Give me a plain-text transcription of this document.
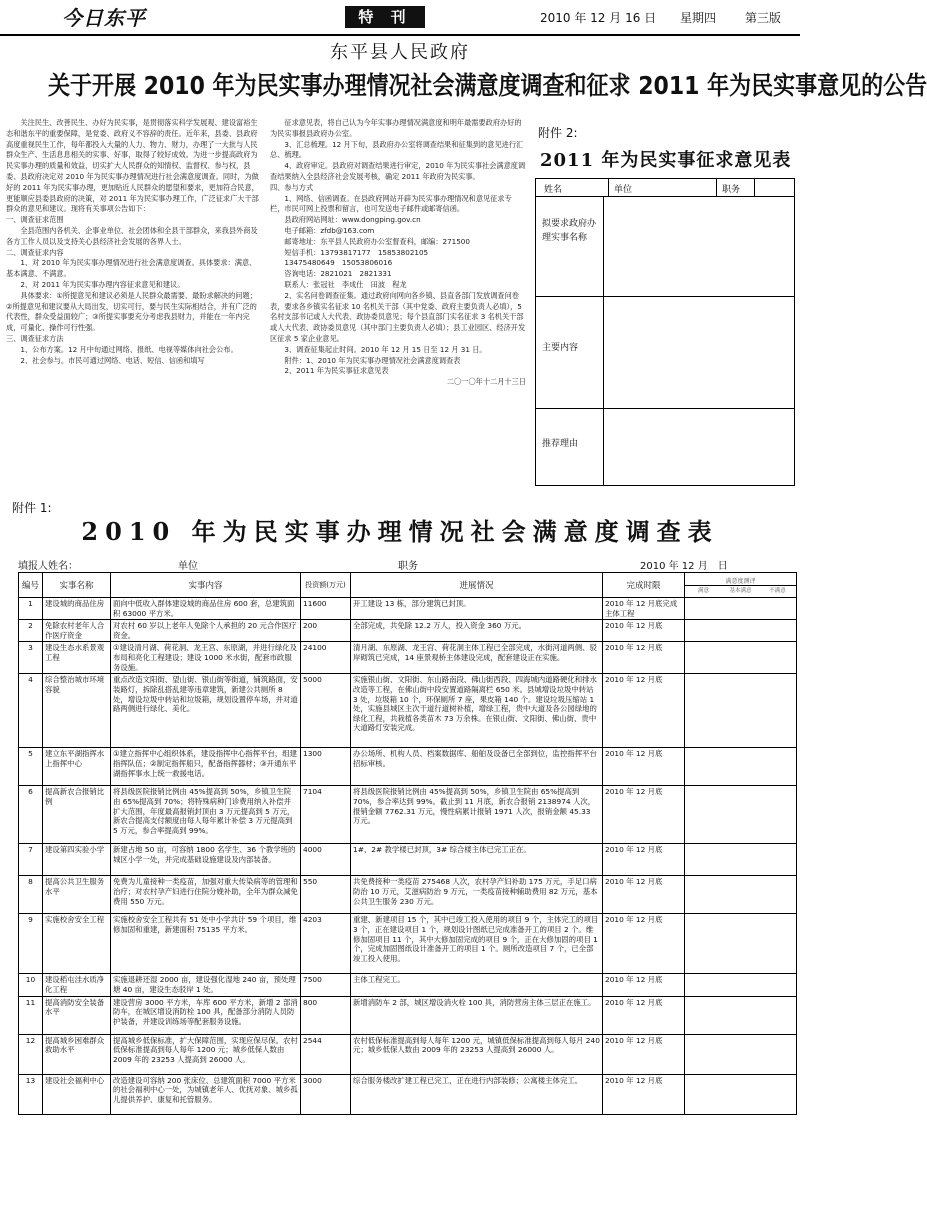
今日东平	特 刊	2010 年 12 月 16 日 星期四 第三版
东平县人民政府
关于开展 2010 年为民实事办理情况社会满意度调查和征求 2011 年为民实事意见的公告

关注民生、改善民生、办好为民实事，是贯彻落实科学发展观、建设富裕生态和谐东平的重要保障，是党委、政府义不容辞的责任。近年来，县委、县政府高度重视民生工作，每年都投入大量的人力、物力、财力，办理了一大批与人民群众生产、生活息息相关的实事、好事，取得了较好成效。为进一步提高政府为民实事办理的质量和效益，切实扩大人民群众的知情权、监督权、参与权，县委、县政府决定对 2010 年为民实事办理情况进行社会满意度调查。同时，为做好的 2011 年为民实事办理，更加贴近人民群众的愿望和要求，更加符合民意，更能顺应县委县政府的决策，对 2011 年为民实事办理工作，广泛征求广大干部群众的意见和建议。现将有关事项公告如下：

一、调查征求范围

全县范围内各机关、企事业单位、社会团体和全县干部群众，来我县外商及各方工作人员以及支持关心县经济社会发展的各界人士。

二、调查征求内容

1、对 2010 年为民实事办理情况进行社会满意度调查。具体要求：满意、基本满意、不满意。

2、对 2011 年为民实事办理内容征求意见和建议。

具体要求：①所提意见和建议必须是人民群众最需要、最盼求解决的问题；②所提意见和建议要从大局出发，切实可行，要与民生实际相结合，并有广泛的代表性，群众受益面较广；③所提实事要充分考虑我县财力，并能在一年内完成，可量化、操作可行性强。

三、调查征求方法

1、公布方案。12 月中旬通过网络、报纸、电视等媒体向社会公布。

2、社会参与。市民可通过网络、电话、短信、信函和填写

征求意见表，将自己认为今年实事办理情况满意度和明年最需要政府办好的为民实事报县政府办公室。

3、汇总梳理。12 月下旬，县政府办公室将调查结果和征集到的意见进行汇总、梳理。

4、政府审定。县政府对调查结果进行审定，2010 年为民实事社会满意度调查结果纳入全县经济社会发展考核，确定 2011 年政府为民实事。

四、参与方式

1、网络、信函调查。在县政府网站开辟为民实事办理情况和意见征求专栏，市民可网上投票和留言，也可发送电子邮件或邮寄信函。

县政府网站网址：www.dongping.gov.cn

电子邮箱：zfdb@163.com

邮寄地址：东平县人民政府办公室督查科，邮编：271500

短信手机：13793817177　15853802105

13475480649　15053806016

咨询电话：2821021　2821331

联系人：张冠社　李成仕　田波　程龙

2、实名问卷调查征集。通过政府向网向各乡镇、县直各部门发放调查问卷表，要求各乡镇实名征求 10 名机关干部（其中党委、政府主要负责人必填），5 名村支部书记或人大代表、政协委员意见；每个县直部门实名征求 3 名机关干部或人大代表、政协委员意见（其中部门主要负责人必填）；县工业园区、经济开发区征求 5 家企业意见。

3、调查征集起止时间。2010 年 12 月 15 日至 12 月 31 日。

附件：1、2010 年为民实事办理情况社会满意度调查表

2、2011 年为民实事征求意见表

二〇一〇年十二月十三日

附件 2:
2011 年为民实事征求意见表
姓名	单位	职务
拟要求政府办理实事名称
主要内容
推荐理由
附件 1:
2010 年为民实事办理情况社会满意度调查表
填报人姓名：	单位	职务	2010 年 12 月　日
编号	实事名称	实事内容	投资额(万元)	进展情况	完成时限	满意度测评
满意 基本满意 不满意

1	建设城的商品住房	面向中低收入群体建设城的商品住房 600 套，总建筑面积 63000 平方米。	11600	开工建设 13 栋，部分建筑已封顶。	2010 年 12 月底完成主体工程	
2	免除农村老年人合作医疗资金	对农村 60 岁以上老年人免除个人承担的 20 元合作医疗资金。	200	全部完成，共免除 12.2 万人，投入资金 360 万元。	2010 年 12 月底	
3	建设生态水系景观工程	①建设清月湖、荷花洞、龙王宫、东原湖，并进行绿化及布局和亮化工程建设；建设 1000 米水街，配套市政服务设施。	24100	清月湖、东原湖、龙王宫、荷花洞主体工程已全部完成，水街河道两侧、驳岸砌筑已完成，14 座景观桥主体建设完成，配套建设正在实施。	2010 年 12 月底	
4	综合整治城市环境容貌	重点改造文阳街、望山街、银山街等街道，铺筑路面，安装路灯，拆除乱搭乱建等违章建筑，新建公共厕所 8 处，增设垃圾中转站和垃圾箱，规划设置停车场，并对道路两侧进行绿化、美化。	5000	实施银山街、文阳街、东山路南段、佛山街西段、四海城内道路硬化和排水改造等工程，在佛山街中段安置道路隔离栏 650 米。县城增设垃圾中转站 3 处，垃圾箱 10 个，环保厕所 7 座，果皮箱 140 个。建设垃圾压缩站 1 处，实施县城区主次干道行道树补植，增绿工程，贵中大道及各公园绿地的绿化工程，共栽植各类苗木 73 万余株。在银山街、文阳街、佛山街、贵中大道路灯安装完成。	2010 年 12 月底	
5	建立东平湖指挥水上指挥中心	①建立指挥中心组织体系，建设指挥中心指挥平台，组建指挥队伍；②制定指挥船只，配备指挥器材；③开通东平湖指挥事水上统一救援电话。	1300	办公场所、机构人员、档案数据库、船舶及设备已全部到位，监控指挥平台招标审核。	2010 年 12 月底	
6	提高新农合报销比例	将县级医院报销比例由 45%提高到 50%，乡镇卫生院由 65%提高到 70%；将特殊病种门诊费用纳入补偿并扩大范围，年度最高报销封顶由 3 万元提高到 5 万元，新农合提高支付额度由每人每年累计补偿 3 万元提高到 5 万元，参合率提高到 99%。	7104	将县级医院报销比例由 45%提高到 50%，乡镇卫生院由 65%提高到 70%，参合率达到 99%。截止到 11 月底，新农合报销 2138974 人次，报销金额 7762.31 万元，慢性病累计报销 1971 人次，报销金额 45.33 万元。	2010 年 12 月底	
7	建设第四实验小学	新建占地 50 亩，可容纳 1800 名学生、36 个教学班的城区小学一处，并完成基础设施建设及内部装备。	4000	1#、2# 教学楼已封顶，3# 综合楼主体已完工正在。	2010 年 12 月底	
8	提高公共卫生服务水平	免费为儿童接种一类疫苗，加强对重大传染病等的管理和治疗；对农村孕产妇进行住院分娩补助，全年为群众减免费用 550 万元。	550	共免费接种一类疫苗 275468 人次，农村孕产妇补助 175 万元，手足口病防治 10 万元，艾滋病防治 9 万元，一类疫苗接种辅助费用 82 万元，基本公共卫生服务 230 万元。	2010 年 12 月底	
9	实施校舍安全工程	实施校舍安全工程共有 51 处中小学共计 59 个项目，维修加固和重建，新建面积 75135 平方米。	4203	重建、新建项目 15 个，其中已竣工投入使用的项目 9 个，主体完工的项目 3 个，正在建设项目 1 个，规划设计图纸已完成准备开工的项目 2 个。维修加固项目 11 个，其中大修加固完成的项目 9 个，正在大修加固的项目 1 个，完成加固图纸设计准备开工的项目 1 个。厕所改造项目 7 个，已全部竣工投入使用。	2010 年 12 月底	
10	建设稻屯洼水质净化工程	实施退耕还湿 2000 亩，建设强化湿地 240 亩，预处理塘 40 亩，建设生态驳岸 1 处。	7500	主体工程完工。	2010 年 12 月底	
11	提高消防安全装备水平	建设营房 3000 平方米，车库 600 平方米，新增 2 部消防车，在城区增设消防栓 100 具，配备部分消防人员防护装备，并建设训练场等配套服务设施。	800	新增消防车 2 部，城区增设消火栓 100 具，消防营房主体三层正在施工。	2010 年 12 月底	
12	提高城乡困难群众救助水平	提高城乡低保标准，扩大保障范围，实现应保尽保。农村低保标准提高到每人每年 1200 元；城乡低保人数由 2009 年的 23253 人提高到 26000 人。	2544	农村低保标准提高到每人每年 1200 元，城镇低保标准提高到每人每月 240 元；城乡低保人数由 2009 年的 23253 人提高到 26000 人。	2010 年 12 月底	
13	建设社会福利中心	改造建设可容纳 200 张床位、总建筑面积 7000 平方米的社会福利中心一处，为城镇老年人、优抚对象、城乡孤儿提供养护、康复和托管服务。	3000	综合服务楼改扩建工程已完工，正在进行内部装修；公寓楼主体完工。	2010 年 12 月底	
